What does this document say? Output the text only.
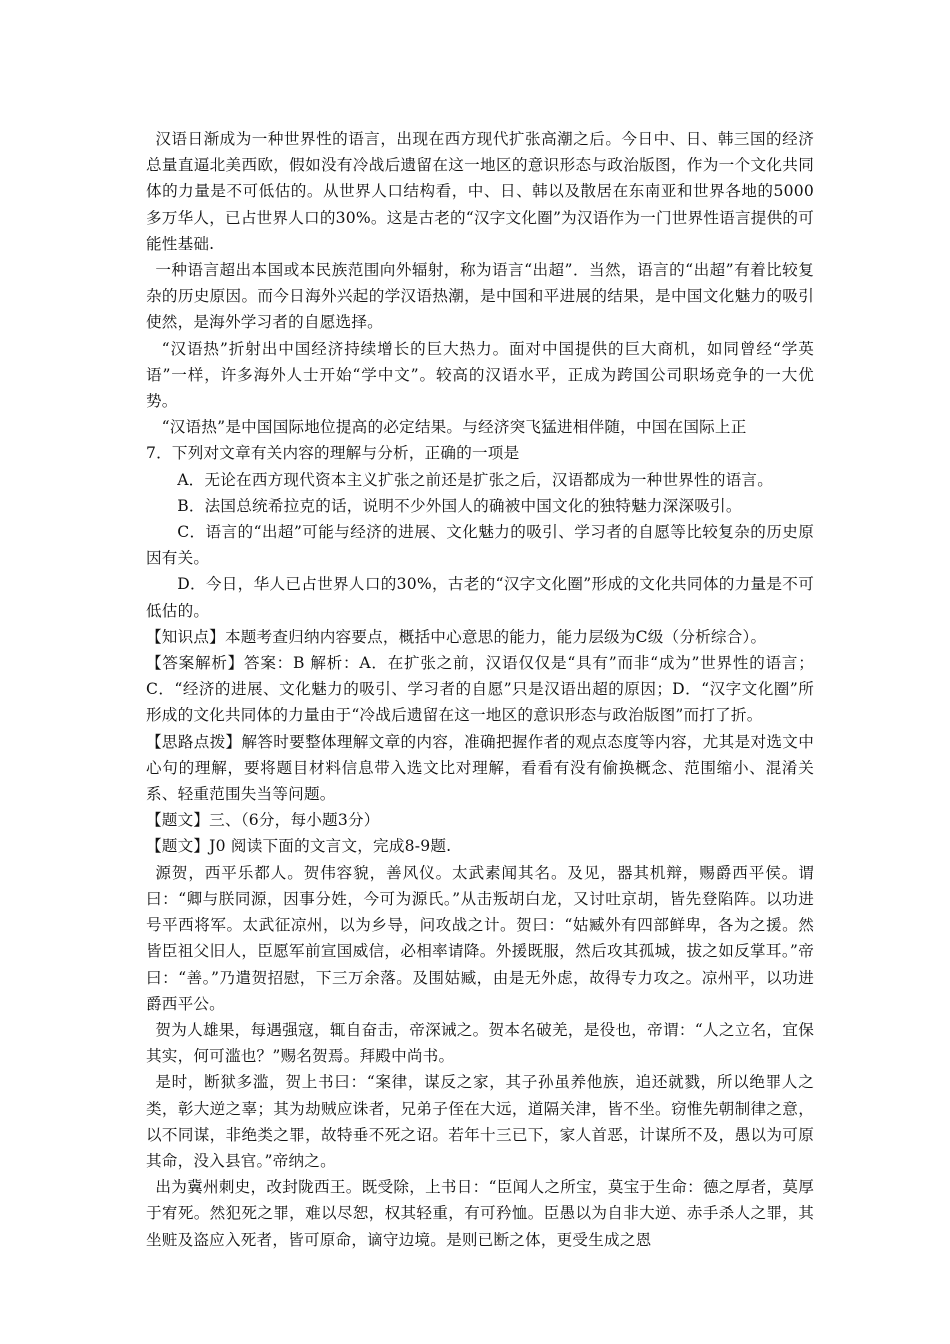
汉语日渐成为一种世界性的语言，出现在西方现代扩张高潮之后。今日中、日、韩三国的经济总量直逼北美西欧，假如没有冷战后遗留在这一地区的意识形态与政治版图，作为一个文化共同体的力量是不可低估的。从世界人口结构看，中、日、韩以及散居在东南亚和世界各地的5000多万华人，已占世界人口的30%。这是古老的“汉字文化圈”为汉语作为一门世界性语言提供的可能性基础.

一种语言超出本国或本民族范围向外辐射，称为语言“出超”．当然，语言的“出超”有着比较复杂的历史原因。而今日海外兴起的学汉语热潮，是中国和平进展的结果，是中国文化魅力的吸引使然，是海外学习者的自愿选择。

“汉语热”折射出中国经济持续增长的巨大热力。面对中国提供的巨大商机，如同曾经“学英语”一样，许多海外人士开始“学中文”。较高的汉语水平，正成为跨国公司职场竞争的一大优势。

“汉语热”是中国国际地位提高的必定结果。与经济突飞猛进相伴随，中国在国际上正

7．下列对文章有关内容的理解与分析，正确的一项是

A．无论在西方现代资本主义扩张之前还是扩张之后，汉语都成为一种世界性的语言。

B．法国总统希拉克的话，说明不少外国人的确被中国文化的独特魅力深深吸引。

C．语言的“出超”可能与经济的进展、文化魅力的吸引、学习者的自愿等比较复杂的历史原因有关。

D．今日，华人已占世界人口的30%，古老的“汉字文化圈”形成的文化共同体的力量是不可低估的。

【知识点】本题考查归纳内容要点，概括中心意思的能力，能力层级为C级（分析综合）。

【答案解析】答案：B 解析：A．在扩张之前，汉语仅仅是“具有”而非“成为”世界性的语言； C．“经济的进展、文化魅力的吸引、学习者的自愿”只是汉语出超的原因；D．“汉字文化圈”所形成的文化共同体的力量由于“冷战后遗留在这一地区的意识形态与政治版图”而打了折。

【思路点拨】解答时要整体理解文章的内容，准确把握作者的观点态度等内容，尤其是对选文中心句的理解，要将题目材料信息带入选文比对理解，看看有没有偷换概念、范围缩小、混淆关系、轻重范围失当等问题。

【题文】三、（6分，每小题3分）

【题文】J0 阅读下面的文言文，完成8-9题.

源贺，西平乐都人。贺伟容貌，善风仪。太武素闻其名。及见，器其机辩，赐爵西平侯。谓曰：“卿与朕同源，因事分姓，今可为源氏。”从击叛胡白龙，又讨吐京胡，皆先登陷阵。以功进号平西将军。太武征凉州，以为乡导，问攻战之计。贺曰：“姑臧外有四部鲜卑，各为之援。然皆臣祖父旧人，臣愿军前宣国威信，必相率请降。外援既服，然后攻其孤城，拔之如反掌耳。”帝曰：“善。”乃遣贺招慰，下三万余落。及围姑臧，由是无外虑，故得专力攻之。凉州平，以功进爵西平公。

贺为人雄果，每遇强寇，辄自奋击，帝深诫之。贺本名破羌，是役也，帝谓：“人之立名，宜保其实，何可滥也？”赐名贺焉。拜殿中尚书。

是时，断狱多滥，贺上书曰：“案律，谋反之家，其子孙虽养他族，追还就戮，所以绝罪人之类，彰大逆之辜；其为劫贼应诛者，兄弟子侄在大远，道隔关津，皆不坐。窃惟先朝制律之意，以不同谋，非绝类之罪，故特垂不死之诏。若年十三已下，家人首恶，计谋所不及，愚以为可原其命，没入县官。”帝纳之。

出为冀州刺史，改封陇西王。既受除，上书日：“臣闻人之所宝，莫宝于生命：德之厚者，莫厚于宥死。然犯死之罪，难以尽恕，权其轻重，有可矜恤。臣愚以为自非大逆、赤手杀人之罪，其坐赃及盗应入死者，皆可原命，谪守边境。是则已断之体，更受生成之恩
